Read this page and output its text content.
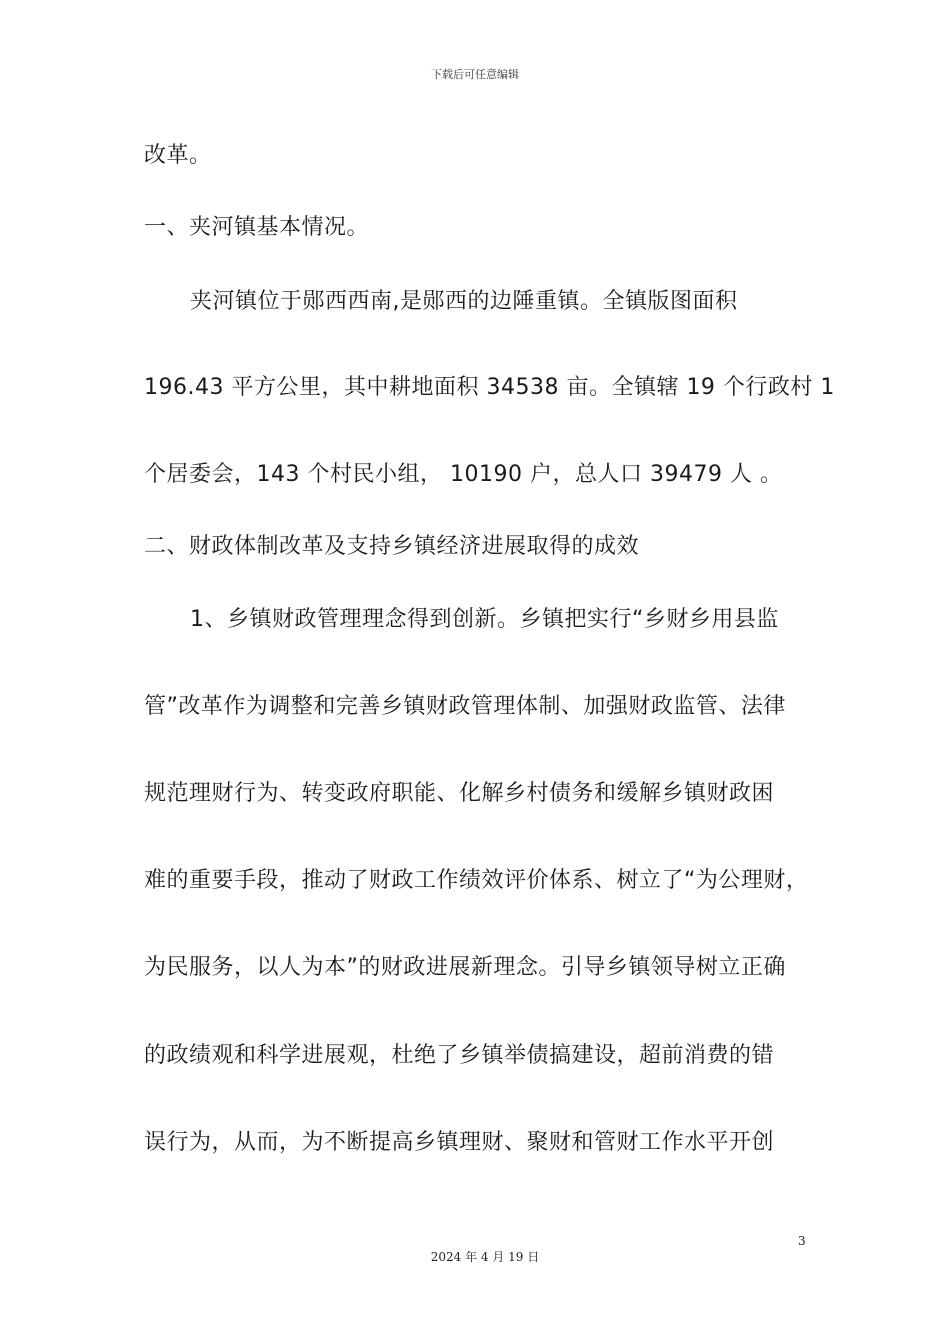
下载后可任意编辑
改革。
一、夹河镇基本情况。
夹河镇位于郧西西南,是郧西的边陲重镇。全镇版图面积
196.43 平方公里，其中耕地面积 34538 亩。全镇辖 19 个行政村 1
个居委会，143 个村民小组， 10190 户，总人口 39479 人 。
二、财政体制改革及支持乡镇经济进展取得的成效
1、乡镇财政管理理念得到创新。乡镇把实行“乡财乡用县监
管”改革作为调整和完善乡镇财政管理体制、加强财政监管、法律
规范理财行为、转变政府职能、化解乡村债务和缓解乡镇财政困
难的重要手段，推动了财政工作绩效评价体系、树立了“为公理财，
为民服务，以人为本”的财政进展新理念。引导乡镇领导树立正确
的政绩观和科学进展观，杜绝了乡镇举债搞建设，超前消费的错
误行为，从而，为不断提高乡镇理财、聚财和管财工作水平开创
3
2024 年 4 月 19 日
